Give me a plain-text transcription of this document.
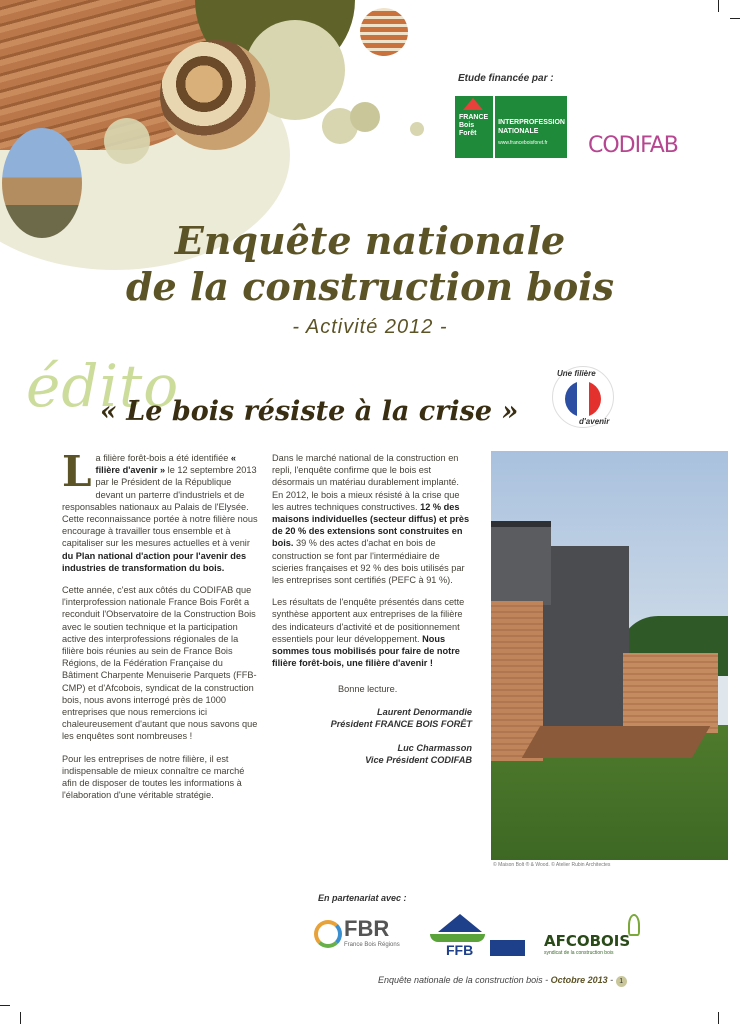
Etude financée par :
FRANCE Bois Forêt
INTERPROFESSION NATIONALE
www.franceboisforet.fr	CODIFAB
Enquête nationale
de la construction bois
- Activité 2012 -
édito
« Le bois résiste à la crise »
Une filière
d'avenir

La filière forêt-bois a été identifiée « filière d'avenir » le 12 septembre 2013 par le Président de la République devant un parterre d'industriels et de responsables nationaux au Palais de l'Elysée.

Cette reconnaissance portée à notre filière nous encourage à travailler tous ensemble et à capitaliser sur les mesures actuelles et à venir du Plan national d'action pour l'avenir des industries de transformation du bois.

Cette année, c'est aux côtés du CODIFAB que l'interprofession nationale France Bois Forêt a reconduit l'Observatoire de la Construction Bois avec le soutien technique et la participation active des interprofessions régionales de la filière bois réunies au sein de France Bois Régions, de la Fédération Française du Bâtiment Charpente Menuiserie Parquets (FFB-CMP) et d'Afcobois, syndicat de la construction bois, nous avons interrogé près de 1000 entreprises que nous remercions ici chaleureusement d'autant que nous savons que les enquêtes sont nombreuses !

Pour les entreprises de notre filière, il est indispensable de mieux connaître ce marché afin de disposer de toutes les informations à l'élaboration d'une véritable stratégie.

Dans le marché national de la construction en repli, l'enquête confirme que le bois est désormais un matériau durablement implanté. En 2012, le bois a mieux résisté à la crise que les autres techniques constructives. 12 % des maisons individuelles (secteur diffus) et près de 20 % des extensions sont construites en bois. 39 % des actes d'achat en bois de construction se font par l'intermédiaire de scieries françaises et 92 % des bois utilisés par les entreprises sont certifiés (PEFC à 91 %).

Les résultats de l'enquête présentés dans cette synthèse apportent aux entreprises de la filière des indicateurs d'activité et de positionnement essentiels pour leur développement. Nous sommes tous mobilisés pour faire de notre filière forêt-bois, une filière d'avenir !

Bonne lecture.

Laurent Denormandie

Président FRANCE BOIS FORÊT

Luc Charmasson

Vice Président CODIFAB

© Maison Bolt ® & Wood. © Atelier Rubin Architectes
En partenariat avec :
FBR
France Bois Régions	FFB	AFCOBOIS
syndicat de la construction bois
Enquête nationale de la construction bois - Octobre 2013 - 1
